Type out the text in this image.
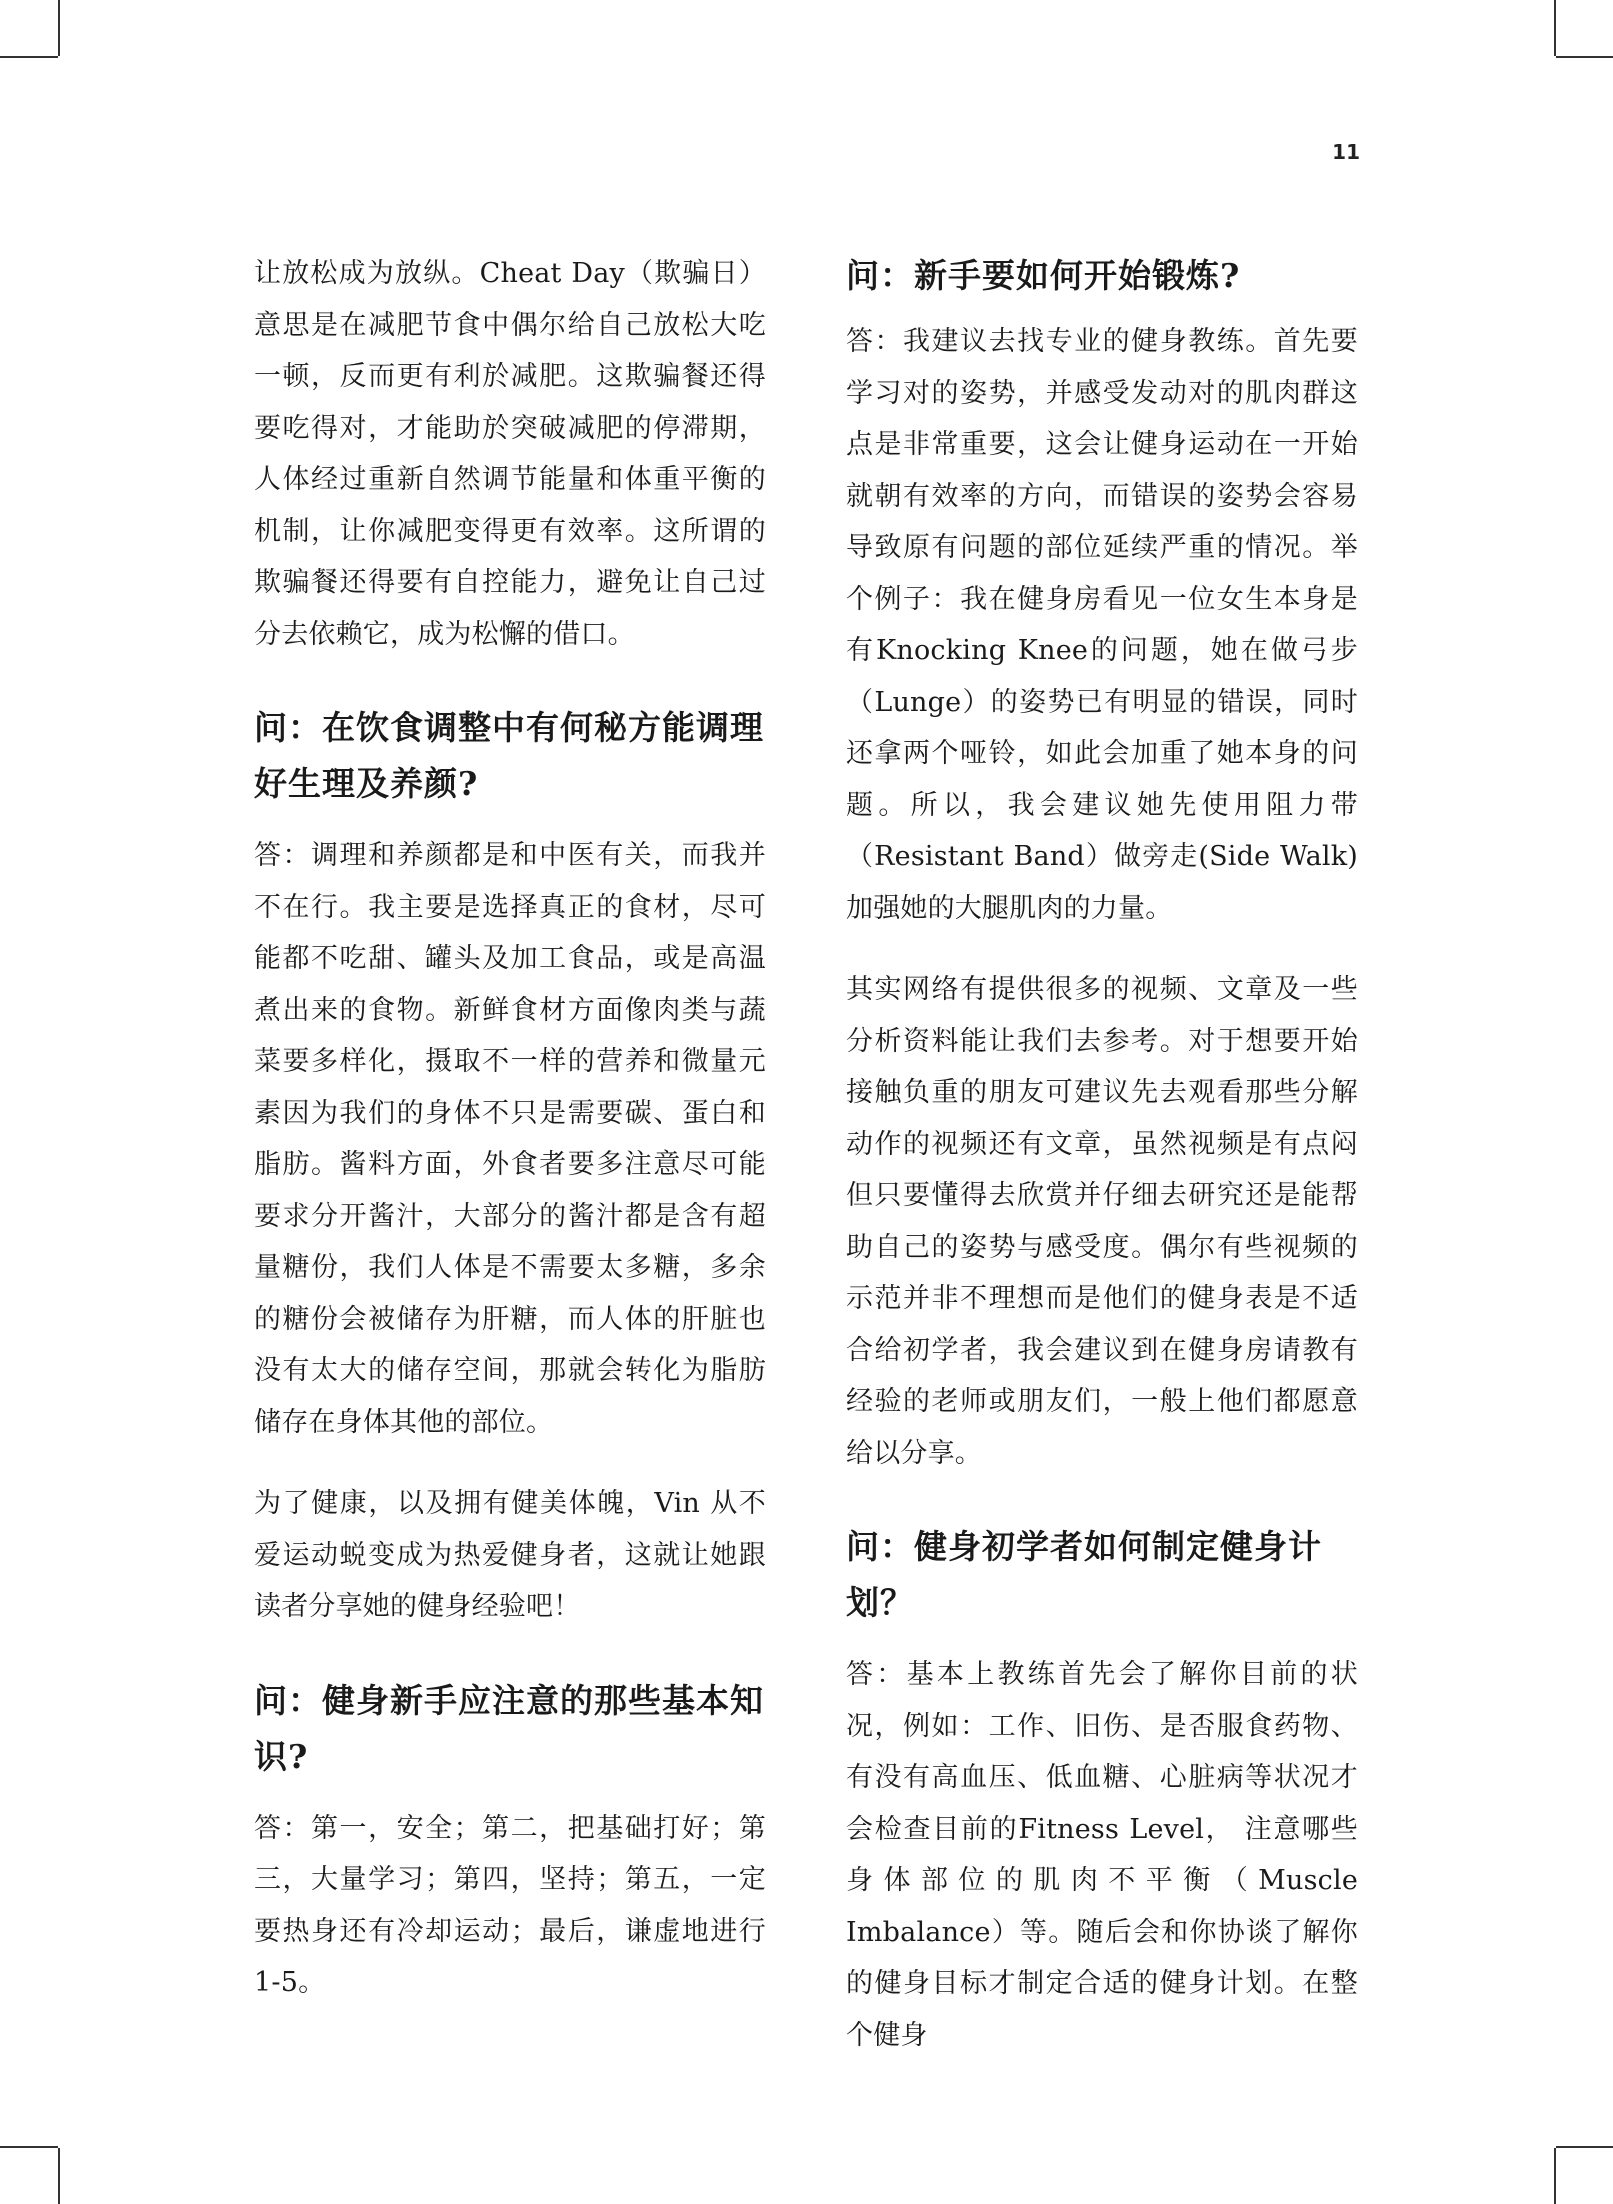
11

让放松成为放纵。Cheat Day（欺骗日）意思是在减肥节食中偶尔给自己放松大吃一顿，反而更有利於减肥。这欺骗餐还得要吃得对，才能助於突破减肥的停滞期，人体经过重新自然调节能量和体重平衡的机制，让你减肥变得更有效率。这所谓的欺骗餐还得要有自控能力，避免让自己过分去依赖它，成为松懈的借口。

问：在饮食调整中有何秘方能调理好生理及养颜?

答：调理和养颜都是和中医有关，而我并不在行。我主要是选择真正的食材，尽可能都不吃甜、罐头及加工食品，或是高温煮出来的食物。新鲜食材方面像肉类与蔬菜要多样化，摄取不一样的营养和微量元素因为我们的身体不只是需要碳、蛋白和脂肪。酱料方面，外食者要多注意尽可能要求分开酱汁，大部分的酱汁都是含有超量糖份，我们人体是不需要太多糖，多余的糖份会被储存为肝糖，而人体的肝脏也没有太大的储存空间，那就会转化为脂肪储存在身体其他的部位。

为了健康，以及拥有健美体魄，Vin 从不爱运动蜕变成为热爱健身者，这就让她跟读者分享她的健身经验吧！

问：健身新手应注意的那些基本知识?

答：第一，安全；第二，把基础打好；第三，大量学习；第四，坚持；第五，一定要热身还有冷却运动；最后，谦虚地进行1-5。

问：新手要如何开始锻炼?

答：我建议去找专业的健身教练。首先要学习对的姿势，并感受发动对的肌肉群这点是非常重要，这会让健身运动在一开始就朝有效率的方向，而错误的姿势会容易导致原有问题的部位延续严重的情况。举个例子：我在健身房看见一位女生本身是有Knocking Knee的问题，她在做弓步 （Lunge）的姿势已有明显的错误，同时还拿两个哑铃，如此会加重了她本身的问题。所以，我会建议她先使用阻力带（Resistant Band）做旁走(Side Walk) 加强她的大腿肌肉的力量。

其实网络有提供很多的视频、文章及一些分析资料能让我们去参考。对于想要开始接触负重的朋友可建议先去观看那些分解动作的视频还有文章，虽然视频是有点闷但只要懂得去欣赏并仔细去研究还是能帮助自己的姿势与感受度。偶尔有些视频的示范并非不理想而是他们的健身表是不适合给初学者，我会建议到在健身房请教有经验的老师或朋友们，一般上他们都愿意给以分享。

问：健身初学者如何制定健身计划？

答：基本上教练首先会了解你目前的状况，例如：工作、旧伤、是否服食药物、有没有高血压、低血糖、心脏病等状况才会检查目前的Fitness Level， 注意哪些身体部位的肌肉不平衡（Muscle Imbalance）等。随后会和你协谈了解你的健身目标才制定合适的健身计划。在整个健身
